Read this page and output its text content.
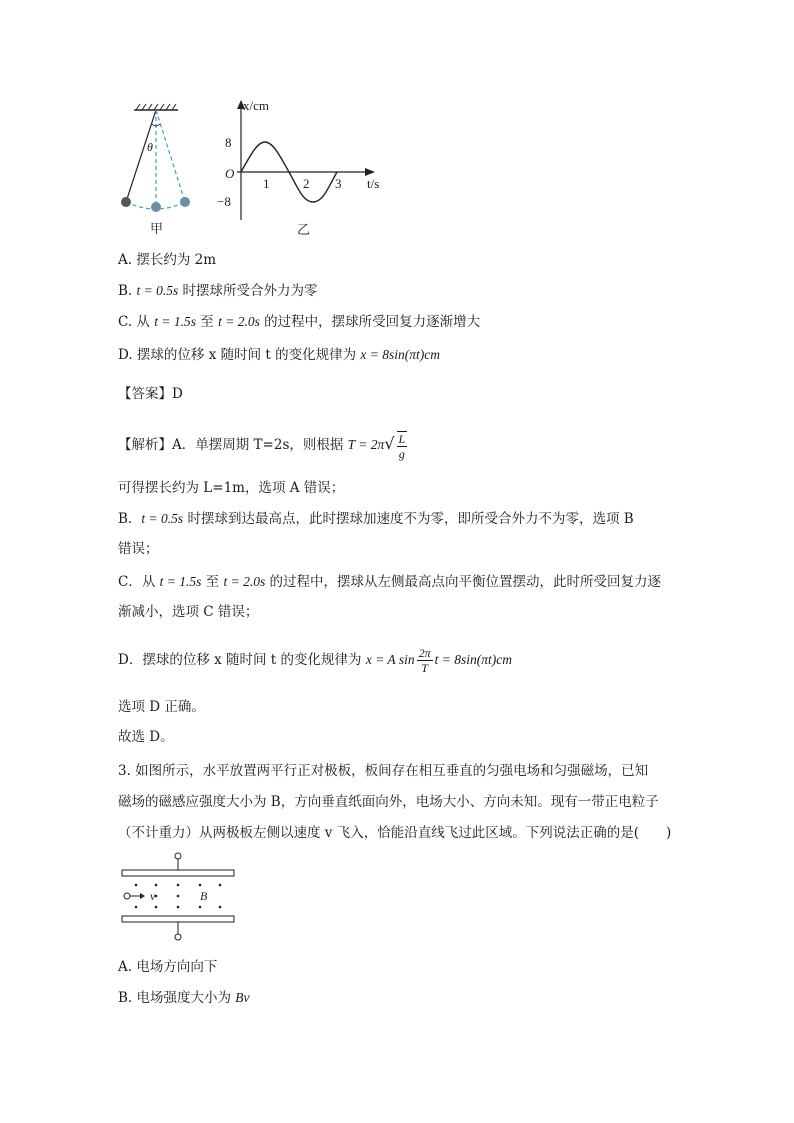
θ
甲
x/cm
t/s
8
−8
O
1	2 3
乙
A. 摆长约为 2m
B. t = 0.5s 时摆球所受合外力为零
C. 从 t = 1.5s 至 t = 2.0s 的过程中，摆球所受回复力逐渐增大
D. 摆球的位移 x 随时间 t 的变化规律为 x = 8sin(πt)cm
【答案】D
【解析】A．单摆周期 T=2s，则根据 $T = 2\pi√ \frac{L}{g}$
可得摆长约为 L=1m，选项 A 错误；
B．t = 0.5s 时摆球到达最高点，此时摆球加速度不为零，即所受合外力不为零，选项 B
错误；
C．从 t = 1.5s 至 t = 2.0s 的过程中，摆球从左侧最高点向平衡位置摆动，此时所受回复力逐
渐减小，选项 C 错误；
D．摆球的位移 x 随时间 t 的变化规律为 x = A $\sin \frac{2\pi}{T}$ t = 8sin(πt)cm
选项 D 正确。
故选 D。
3. 如图所示，水平放置两平行正对极板，板间存在相互垂直的匀强电场和匀强磁场，已知
磁场的磁感应强度大小为 B，方向垂直纸面向外，电场大小、方向未知。现有一带正电粒子
（不计重力）从两极板左侧以速度 v 飞入，恰能沿直线飞过此区域。下列说法正确的是(　　)
v	B
A. 电场方向向下
B. 电场强度大小为 Bv
